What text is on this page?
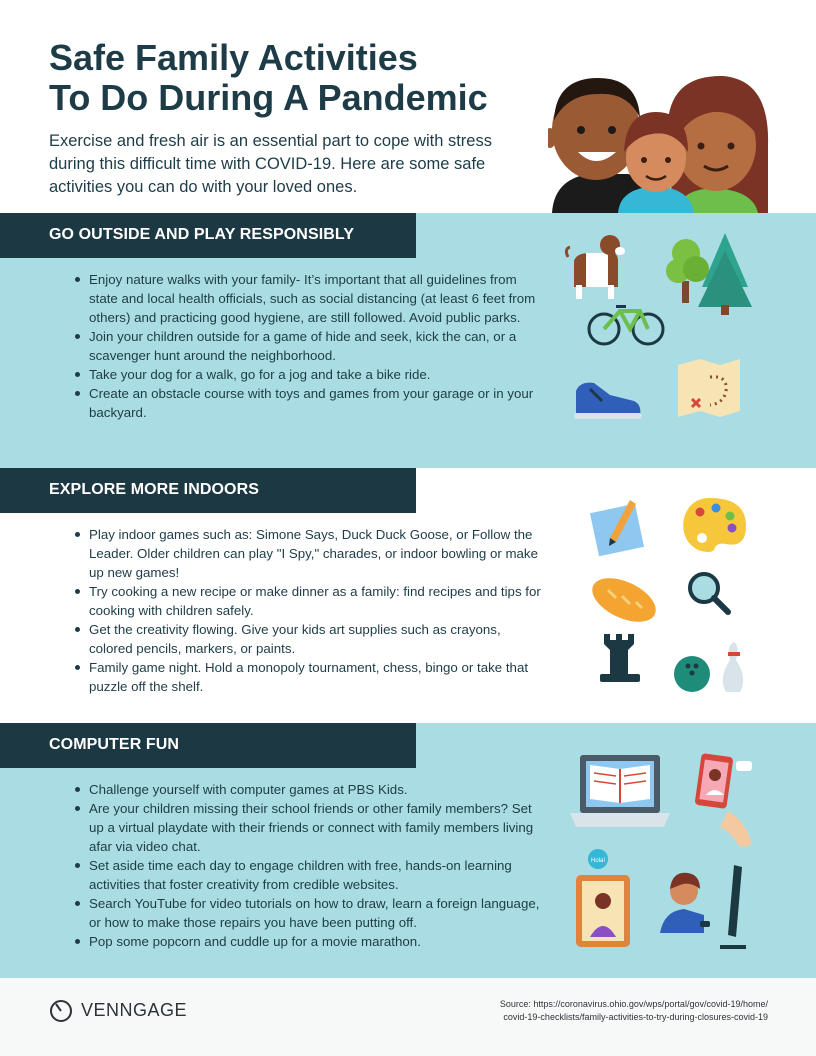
Safe Family Activities
To Do During A Pandemic

Exercise and fresh air is an essential part to cope with stress during this difficult time with COVID-19. Here are some safe activities you can do with your loved ones.

GO OUTSIDE AND PLAY RESPONSIBLY
Enjoy nature walks with your family- It’s important that all guidelines from state and local health officials, such as social distancing (at least 6 feet from others) and practicing good hygiene, are still followed. Avoid public parks.
Join your children outside for a game of hide and seek, kick the can, or a scavenger hunt around the neighborhood.
Take your dog for a walk, go for a jog and take a bike ride.
Create an obstacle course with toys and games from your garage or in your backyard.
EXPLORE MORE INDOORS
Play indoor games such as: Simone Says, Duck Duck Goose, or Follow the Leader. Older children can play "I Spy," charades, or indoor bowling or make up new games!
Try cooking a new recipe or make dinner as a family: find recipes and tips for cooking with children safely.
Get the creativity flowing. Give your kids art supplies such as crayons, colored pencils, markers, or paints.
Family game night. Hold a monopoly tournament, chess, bingo or take that puzzle off the shelf.
COMPUTER FUN
Challenge yourself with computer games at PBS Kids.
Are your children missing their school friends or other family members? Set up a virtual playdate with their friends or connect with family members living afar via video chat.
Set aside time each day to engage children with free, hands-on learning activities that foster creativity from credible websites.
Search YouTube for video tutorials on how to draw, learn a foreign language, or how to make those repairs you have been putting off.
Pop some popcorn and cuddle up for a movie marathon.
Hola!
VENNGAGE	Source: https://coronavirus.ohio.gov/wps/portal/gov/covid-19/home/
covid-19-checklists/family-activities-to-try-during-closures-covid-19
